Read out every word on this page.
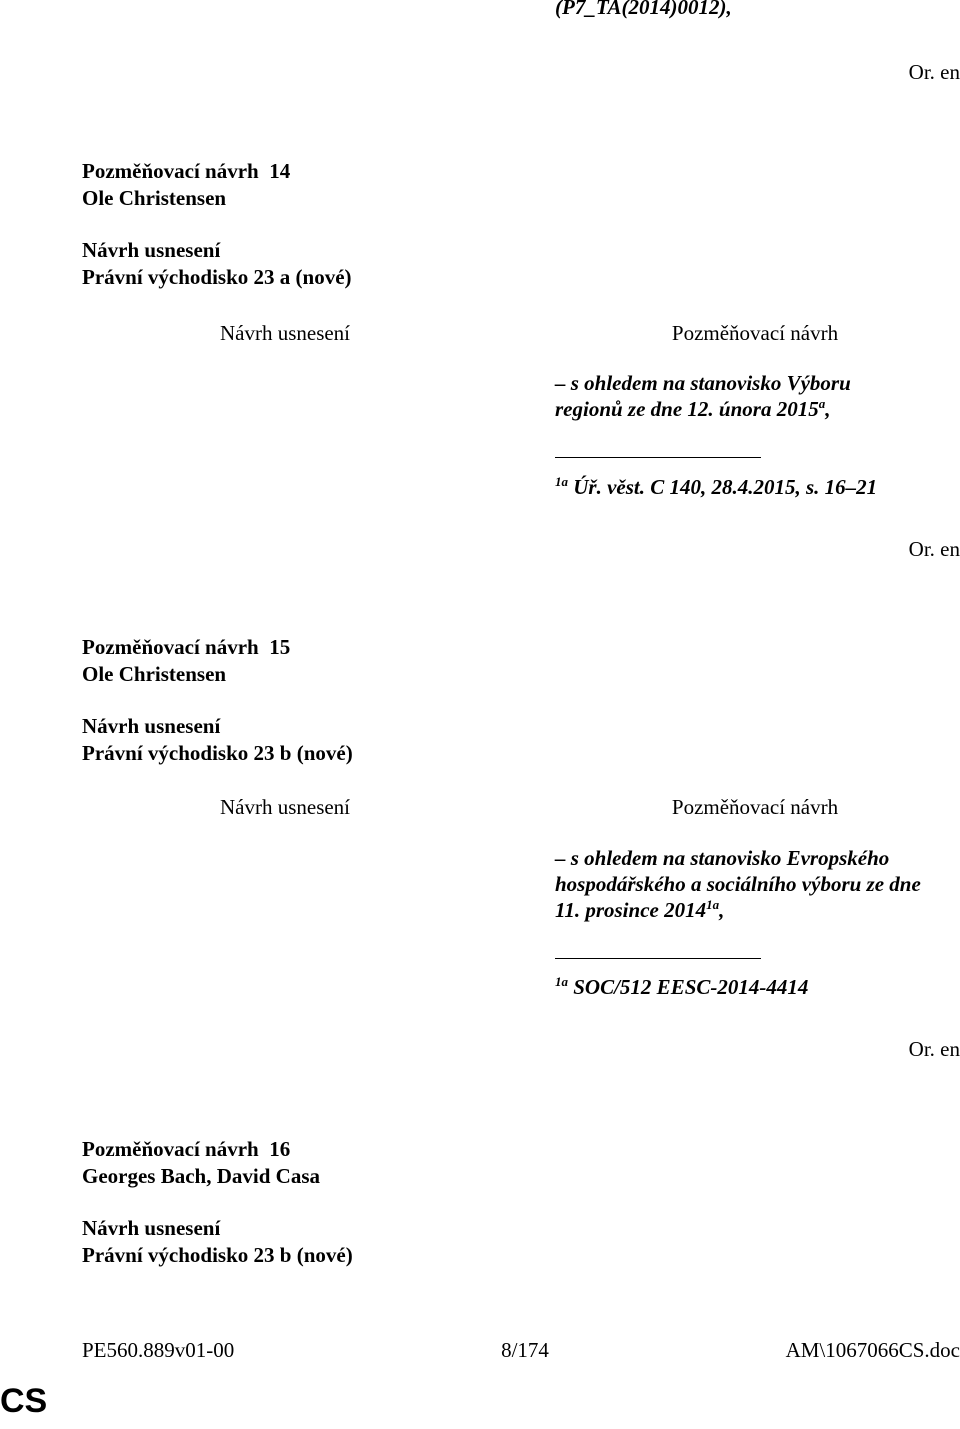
(P7_TA(2014)0012),
Or. en
Pozměňovací návrh 14
Ole Christensen
Návrh usnesení
Právní východisko 23 a (nové)
Návrh usnesení	Pozměňovací návrh
– s ohledem na stanovisko Výboru
regionů ze dne 12. února 2015$^a$,
$^{1a}$ Úř. věst. C 140, 28.4.2015, s. 16–21
Or. en
Pozměňovací návrh 15
Ole Christensen
Návrh usnesení
Právní východisko 23 b (nové)
Návrh usnesení	Pozměňovací návrh
– s ohledem na stanovisko Evropského
hospodářského a sociálního výboru ze dne
11. prosince $2014^{1a}$,
$^{1a}$ SOC/512 EESC-2014-4414
Or. en
Pozměňovací návrh 16
Georges Bach, David Casa
Návrh usnesení
Právní východisko 23 b (nové)
PE560.889v01-00	8/174	AM\1067066CS.doc
CS
